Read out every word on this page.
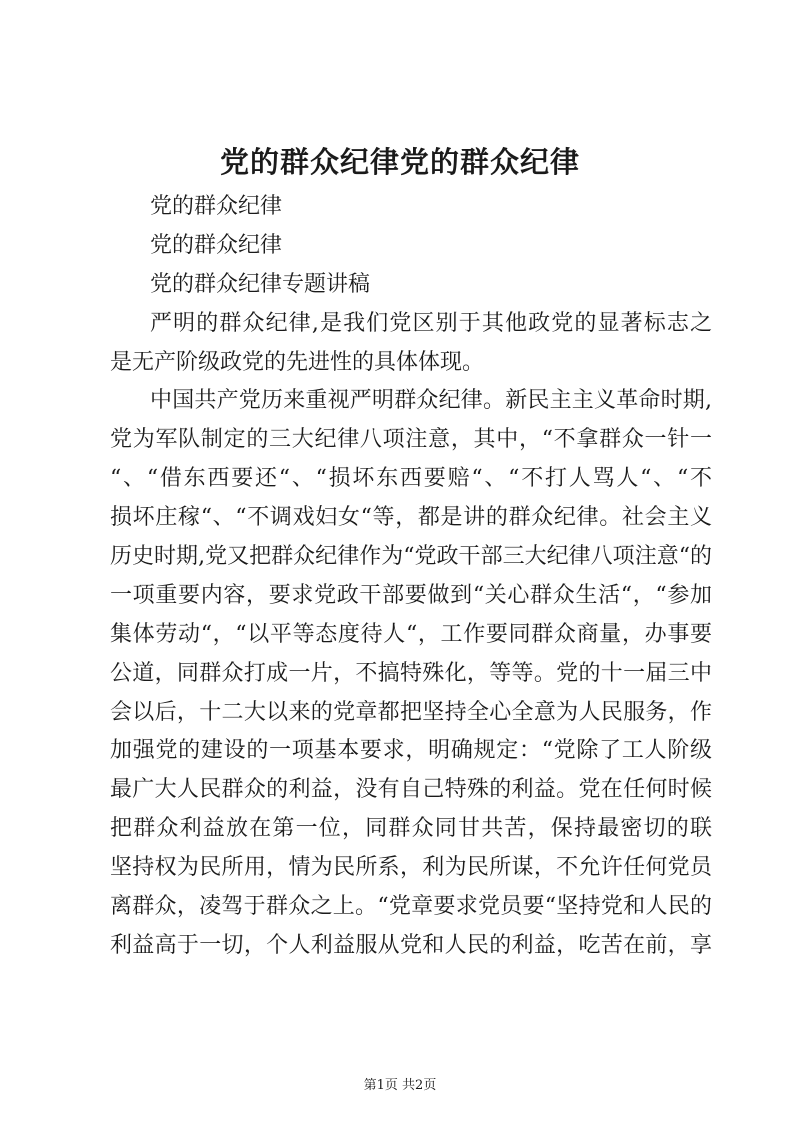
党的群众纪律党的群众纪律
党的群众纪律
党的群众纪律
党的群众纪律专题讲稿
严明的群众纪律,是我们党区别于其他政党的显著标志之
是无产阶级政党的先进性的具体体现。
中国共产党历来重视严明群众纪律。新民主主义革命时期,
党为军队制定的三大纪律八项注意，其中，“不拿群众一针一
“、“借东西要还“、“损坏东西要赔“、“不打人骂人“、“不
损坏庄稼“、“不调戏妇女“等，都是讲的群众纪律。社会主义
历史时期,党又把群众纪律作为“党政干部三大纪律八项注意“的
一项重要内容，要求党政干部要做到“关心群众生活“，“参加
集体劳动“，“以平等态度待人“，工作要同群众商量，办事要
公道，同群众打成一片，不搞特殊化，等等。党的十一届三中
会以后，十二大以来的党章都把坚持全心全意为人民服务，作
加强党的建设的一项基本要求，明确规定：“党除了工人阶级
最广大人民群众的利益，没有自己特殊的利益。党在任何时候
把群众利益放在第一位，同群众同甘共苦，保持最密切的联
坚持权为民所用，情为民所系，利为民所谋，不允许任何党员
离群众，凌驾于群众之上。“党章要求党员要“坚持党和人民的
利益高于一切，个人利益服从党和人民的利益，吃苦在前，享
第1页 共2页
